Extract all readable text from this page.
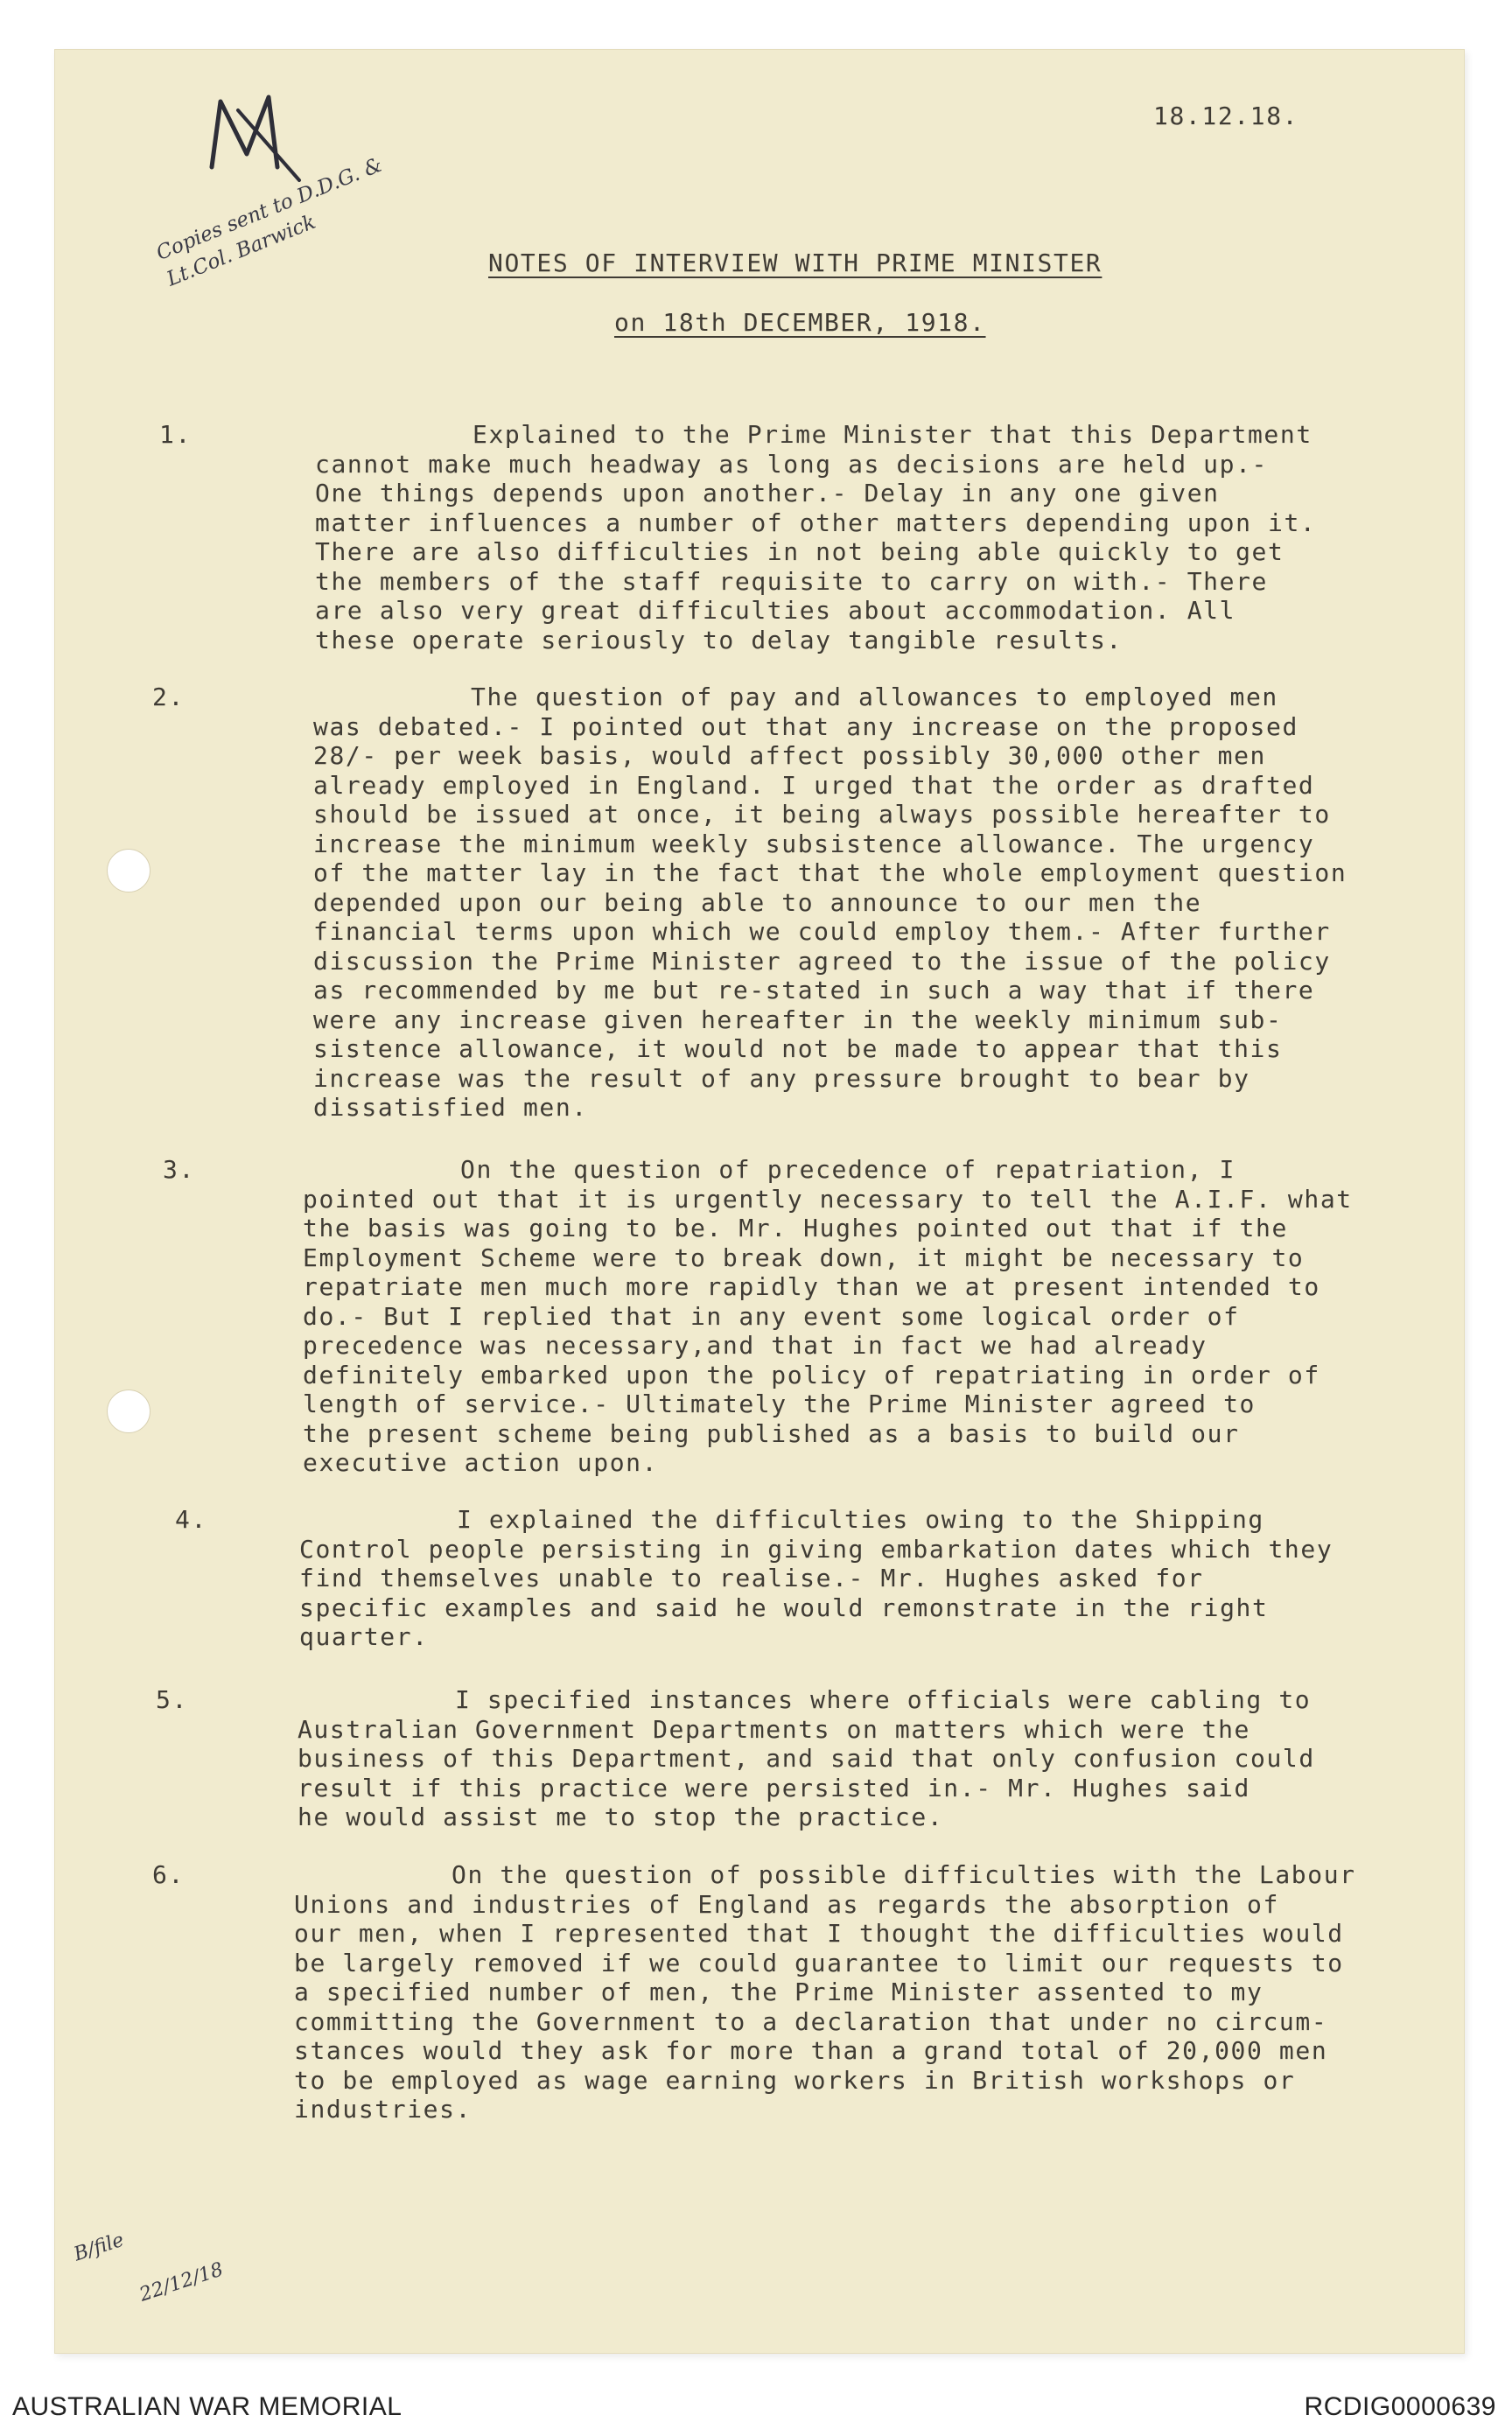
Copies sent to D.D.G. & Lt.Col. Barwick
18.12.18.
NOTES OF INTERVIEW WITH PRIME MINISTER
on 18th DECEMBER, 1918.
1.	Explained to the Prime Minister that this Department
cannot make much headway as long as decisions are held up.-
One things depends upon another.- Delay in any one given
matter influences a number of other matters depending upon it.
There are also difficulties in not being able quickly to get
the members of the staff requisite to carry on with.- There
are also very great difficulties about accommodation. All
these operate seriously to delay tangible results.
2.	The question of pay and allowances to employed men
was debated.- I pointed out that any increase on the proposed
28/- per week basis, would affect possibly 30,000 other men
already employed in England. I urged that the order as drafted
should be issued at once, it being always possible hereafter to
increase the minimum weekly subsistence allowance. The urgency
of the matter lay in the fact that the whole employment question
depended upon our being able to announce to our men the
financial terms upon which we could employ them.- After further
discussion the Prime Minister agreed to the issue of the policy
as recommended by me but re-stated in such a way that if there
were any increase given hereafter in the weekly minimum sub-
sistence allowance, it would not be made to appear that this
increase was the result of any pressure brought to bear by
dissatisfied men.
3.	On the question of precedence of repatriation, I
pointed out that it is urgently necessary to tell the A.I.F. what
the basis was going to be. Mr. Hughes pointed out that if the
Employment Scheme were to break down, it might be necessary to
repatriate men much more rapidly than we at present intended to
do.- But I replied that in any event some logical order of
precedence was necessary,and that in fact we had already
definitely embarked upon the policy of repatriating in order of
length of service.- Ultimately the Prime Minister agreed to
the present scheme being published as a basis to build our
executive action upon.
4.	I explained the difficulties owing to the Shipping
Control people persisting in giving embarkation dates which they
find themselves unable to realise.- Mr. Hughes asked for
specific examples and said he would remonstrate in the right
quarter.
5.	I specified instances where officials were cabling to
Australian Government Departments on matters which were the
business of this Department, and said that only confusion could
result if this practice were persisted in.- Mr. Hughes said
he would assist me to stop the practice.
6.	On the question of possible difficulties with the Labour
Unions and industries of England as regards the absorption of
our men, when I represented that I thought the difficulties would
be largely removed if we could guarantee to limit our requests to
a specified number of men, the Prime Minister assented to my
committing the Government to a declaration that under no circum-
stances would they ask for more than a grand total of 20,000 men
to be employed as wage earning workers in British workshops or
industries.
B/file
22/12/18
AUSTRALIAN WAR MEMORIAL	RCDIG0000639
